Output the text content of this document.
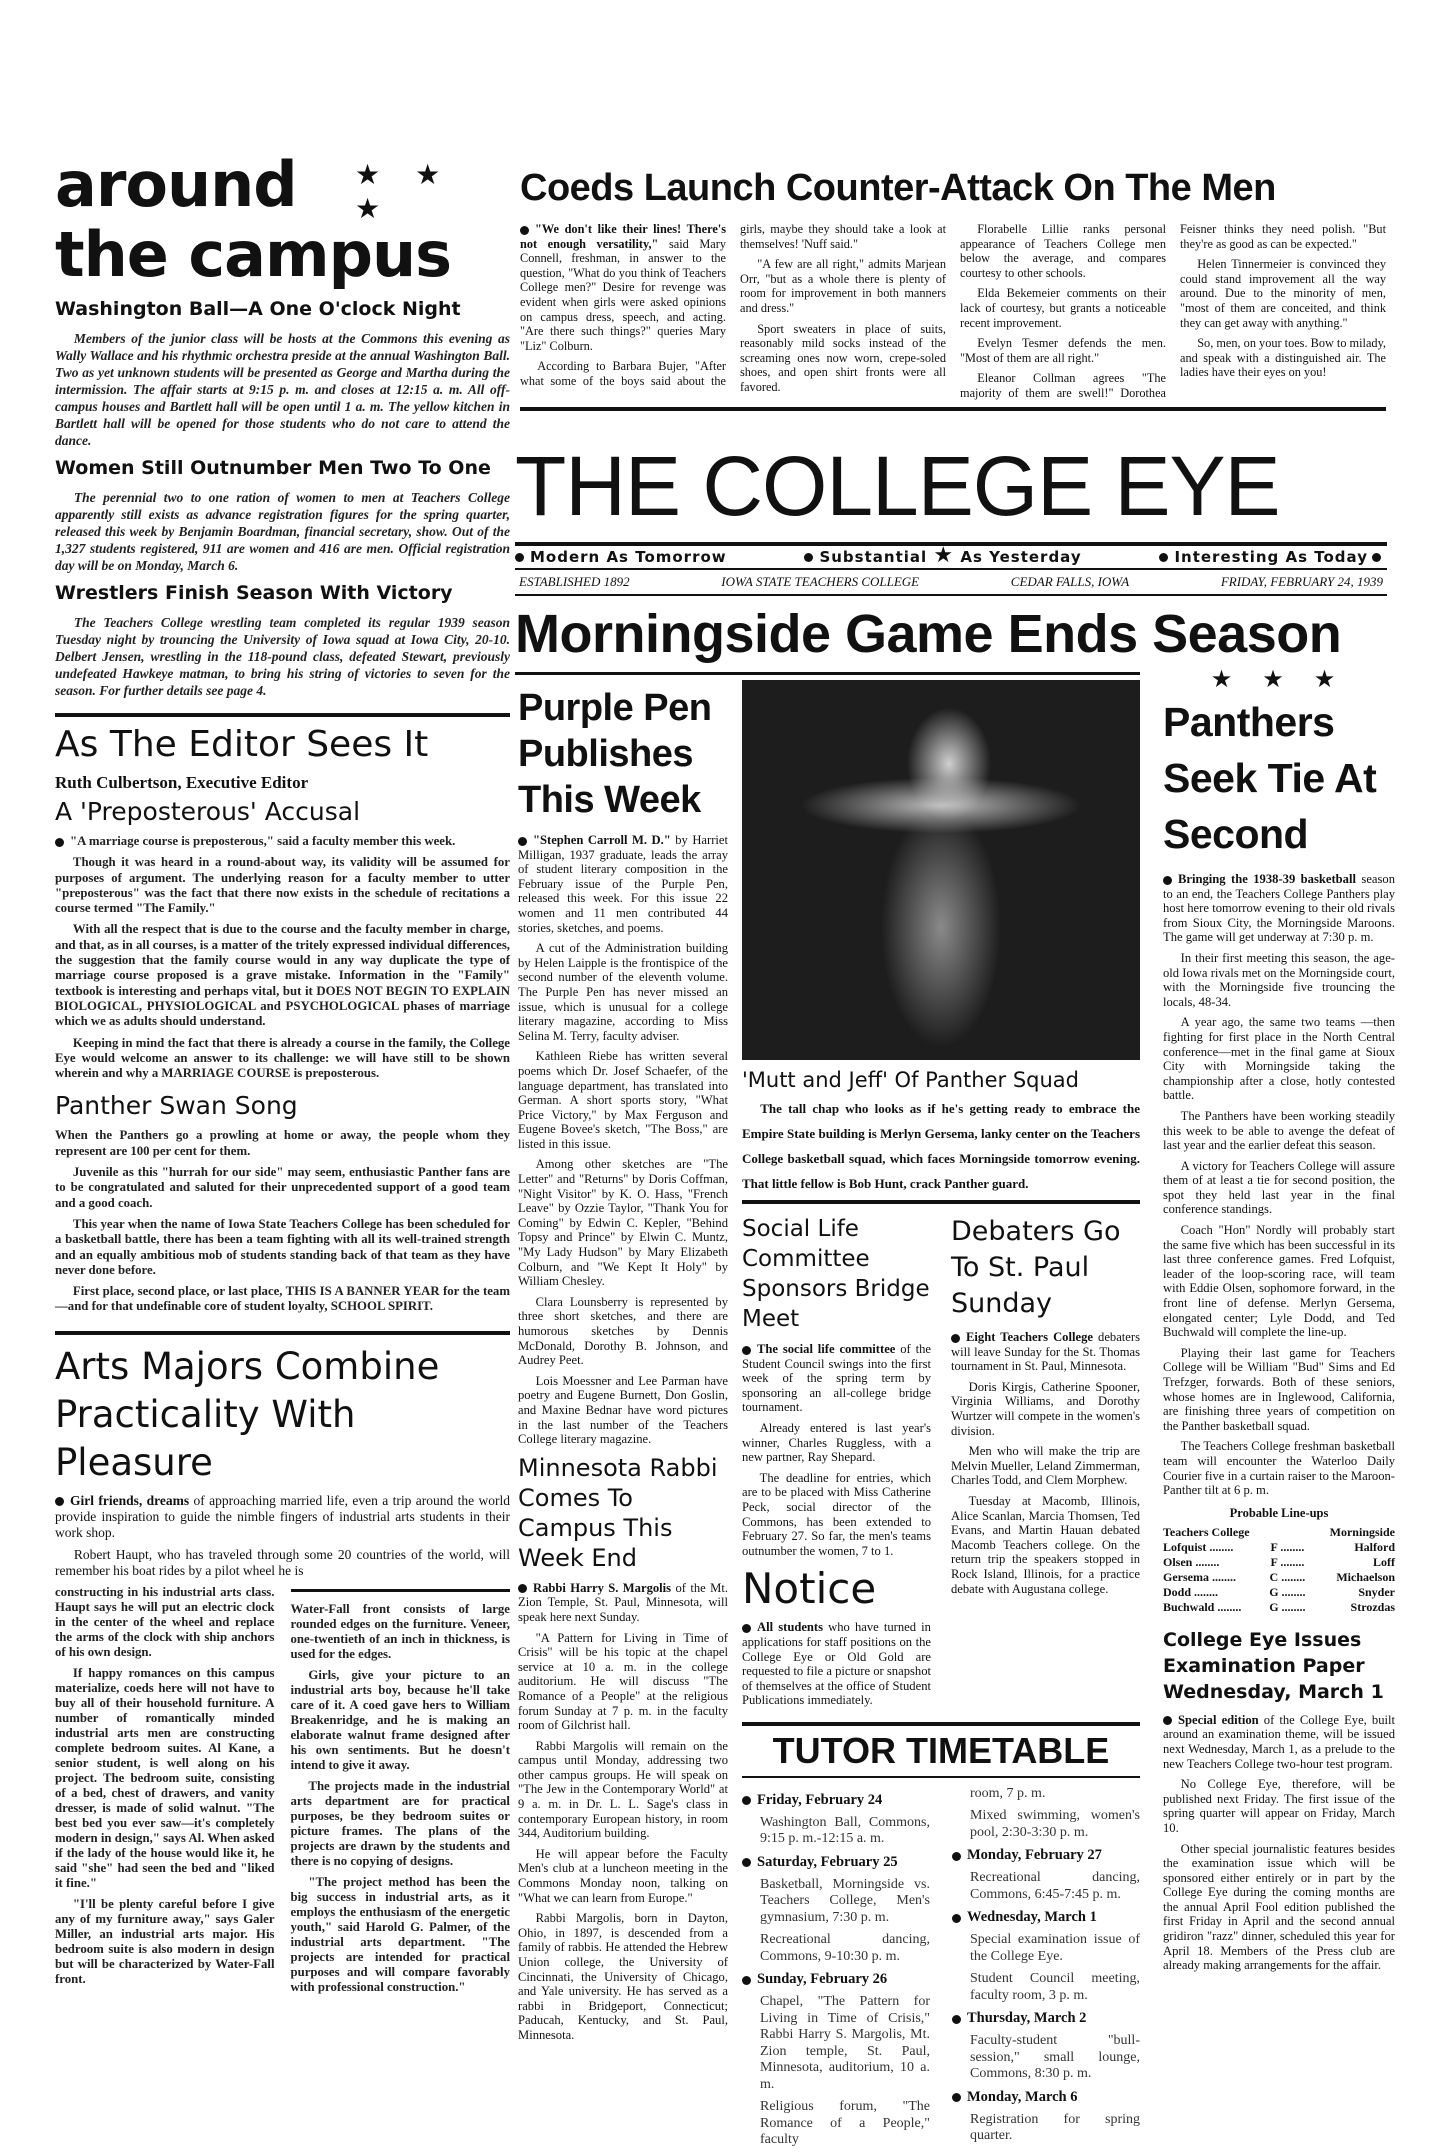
around
the campus
★ ★ ★
Washington Ball—A One O'clock Night

Members of the junior class will be hosts at the Commons this evening as Wally Wallace and his rhythmic orchestra preside at the annual Washington Ball. Two as yet unknown students will be presented as George and Martha during the intermission. The affair starts at 9:15 p. m. and closes at 12:15 a. m. All off-campus houses and Bartlett hall will be open until 1 a. m. The yellow kitchen in Bartlett hall will be opened for those students who do not care to attend the dance.

Women Still Outnumber Men Two To One

The perennial two to one ration of women to men at Teachers College apparently still exists as advance registration figures for the spring quarter, released this week by Benjamin Boardman, financial secretary, show. Out of the 1,327 students registered, 911 are women and 416 are men. Official registration day will be on Monday, March 6.

Wrestlers Finish Season With Victory

The Teachers College wrestling team completed its regular 1939 season Tuesday night by trouncing the University of Iowa squad at Iowa City, 20-10. Delbert Jensen, wrestling in the 118-pound class, defeated Stewart, previously undefeated Hawkeye matman, to bring his string of victories to seven for the season. For further details see page 4.

As The Editor Sees It
Ruth Culbertson, Executive Editor
A 'Preposterous' Accusal

"A marriage course is preposterous," said a faculty member this week.

Though it was heard in a round-about way, its validity will be assumed for purposes of argument. The underlying reason for a faculty member to utter "preposterous" was the fact that there now exists in the schedule of recitations a course termed "The Family."

With all the respect that is due to the course and the faculty member in charge, and that, as in all courses, is a matter of the tritely expressed individual differences, the suggestion that the family course would in any way duplicate the type of marriage course proposed is a grave mistake. Information in the "Family" textbook is interesting and perhaps vital, but it DOES NOT BEGIN TO EXPLAIN BIOLOGICAL, PHYSIOLOGICAL and PSYCHOLOGICAL phases of marriage which we as adults should understand.

Keeping in mind the fact that there is already a course in the family, the College Eye would welcome an answer to its challenge: we will have still to be shown wherein and why a MARRIAGE COURSE is preposterous.

Panther Swan Song

When the Panthers go a prowling at home or away, the people whom they represent are 100 per cent for them.

Juvenile as this "hurrah for our side" may seem, enthusiastic Panther fans are to be congratulated and saluted for their unprecedented support of a good team and a good coach.

This year when the name of Iowa State Teachers College has been scheduled for a basketball battle, there has been a team fighting with all its well-trained strength and an equally ambitious mob of students standing back of that team as they have never done before.

First place, second place, or last place, THIS IS A BANNER YEAR for the team—and for that undefinable core of student loyalty, SCHOOL SPIRIT.

Arts Majors Combine
Practicality With Pleasure

Girl friends, dreams of approaching married life, even a trip around the world provide inspiration to guide the nimble fingers of industrial arts students in their work shop.

Robert Haupt, who has traveled through some 20 countries of the world, will remember his boat rides by a pilot wheel he is

constructing in his industrial arts class. Haupt says he will put an electric clock in the center of the wheel and replace the arms of the clock with ship anchors of his own design.

If happy romances on this campus materialize, coeds here will not have to buy all of their household furniture. A number of romantically minded industrial arts men are constructing complete bedroom suites. Al Kane, a senior student, is well along on his project. The bedroom suite, consisting of a bed, chest of drawers, and vanity dresser, is made of solid walnut. "The best bed you ever saw—it's completely modern in design," says Al. When asked if the lady of the house would like it, he said "she" had seen the bed and "liked it fine."

"I'll be plenty careful before I give any of my furniture away," says Galer Miller, an industrial arts major. His bedroom suite is also modern in design but will be characterized by Water-Fall front.

Water-Fall front consists of large rounded edges on the furniture. Veneer, one-twentieth of an inch in thickness, is used for the edges.

Girls, give your picture to an industrial arts boy, because he'll take care of it. A coed gave hers to William Breakenridge, and he is making an elaborate walnut frame designed after his own sentiments. But he doesn't intend to give it away.

The projects made in the industrial arts department are for practical purposes, be they bedroom suites or picture frames. The plans of the projects are drawn by the students and there is no copying of designs.

"The project method has been the big success in industrial arts, as it employs the enthusiasm of the energetic youth," said Harold G. Palmer, of the industrial arts department. "The projects are intended for practical purposes and will compare favorably with professional construction."

Coeds Launch Counter-Attack On The Men

"We don't like their lines! There's not enough versatility," said Mary Connell, freshman, in answer to the question, "What do you think of Teachers College men?" Desire for revenge was evident when girls were asked opinions on campus dress, speech, and acting. "Are there such things?" queries Mary "Liz" Colburn.

According to Barbara Bujer, "After what some of the boys said about the girls, maybe they should take a look at themselves! 'Nuff said."

"A few are all right," admits Marjean Orr, "but as a whole there is plenty of room for improvement in both manners and dress."

Sport sweaters in place of suits, reasonably mild socks instead of the screaming ones now worn, crepe-soled shoes, and open shirt fronts were all favored.

Florabelle Lillie ranks personal appearance of Teachers College men below the average, and compares courtesy to other schools.

Elda Bekemeier comments on their lack of courtesy, but grants a noticeable recent improvement.

Evelyn Tesmer defends the men. "Most of them are all right."

Eleanor Collman agrees "The majority of them are swell!" Dorothea Feisner thinks they need polish. "But they're as good as can be expected."

Helen Tinnermeier is convinced they could stand improvement all the way around. Due to the minority of men, "most of them are conceited, and think they can get away with anything."

So, men, on your toes. Bow to milady, and speak with a distinguished air. The ladies have their eyes on you!

THE COLLEGE EYE
Modern As Tomorrow	Substantial ★ As Yesterday	Interesting As Today
ESTABLISHED 1892	IOWA STATE TEACHERS COLLEGE	CEDAR FALLS, IOWA	FRIDAY, FEBRUARY 24, 1939
Morningside Game Ends Season
Purple Pen Publishes This Week

"Stephen Carroll M. D." by Harriet Milligan, 1937 graduate, leads the array of student literary composition in the February issue of the Purple Pen, released this week. For this issue 22 women and 11 men contributed 44 stories, sketches, and poems.

A cut of the Administration building by Helen Laipple is the frontispice of the second number of the eleventh volume. The Purple Pen has never missed an issue, which is unusual for a college literary magazine, according to Miss Selina M. Terry, faculty adviser.

Kathleen Riebe has written several poems which Dr. Josef Schaefer, of the language department, has translated into German. A short sports story, "What Price Victory," by Max Ferguson and Eugene Bovee's sketch, "The Boss," are listed in this issue.

Among other sketches are "The Letter" and "Returns" by Doris Coffman, "Night Visitor" by K. O. Hass, "French Leave" by Ozzie Taylor, "Thank You for Coming" by Edwin C. Kepler, "Behind Topsy and Prince" by Elwin C. Muntz, "My Lady Hudson" by Mary Elizabeth Colburn, and "We Kept It Holy" by William Chesley.

Clara Lounsberry is represented by three short sketches, and there are humorous sketches by Dennis McDonald, Dorothy B. Johnson, and Audrey Peet.

Lois Moessner and Lee Parman have poetry and Eugene Burnett, Don Goslin, and Maxine Bednar have word pictures in the last number of the Teachers College literary magazine.

Minnesota Rabbi Comes To Campus This Week End

Rabbi Harry S. Margolis of the Mt. Zion Temple, St. Paul, Minnesota, will speak here next Sunday.

"A Pattern for Living in Time of Crisis" will be his topic at the chapel service at 10 a. m. in the college auditorium. He will discuss "The Romance of a People" at the religious forum Sunday at 7 p. m. in the faculty room of Gilchrist hall.

Rabbi Margolis will remain on the campus until Monday, addressing two other campus groups. He will speak on "The Jew in the Contemporary World" at 9 a. m. in Dr. L. L. Sage's class in contemporary European history, in room 344, Auditorium building.

He will appear before the Faculty Men's club at a luncheon meeting in the Commons Monday noon, talking on "What we can learn from Europe."

Rabbi Margolis, born in Dayton, Ohio, in 1897, is descended from a family of rabbis. He attended the Hebrew Union college, the University of Cincinnati, the University of Chicago, and Yale university. He has served as a rabbi in Bridgeport, Connecticut; Paducah, Kentucky, and St. Paul, Minnesota.

'Mutt and Jeff' Of Panther Squad
The tall chap who looks as if he's getting ready to embrace the Empire State building is Merlyn Gersema, lanky center on the Teachers College basketball squad, which faces Morningside tomorrow evening. That little fellow is Bob Hunt, crack Panther guard.
Social Life Committee Sponsors Bridge Meet

The social life committee of the Student Council swings into the first week of the spring term by sponsoring an all-college bridge tournament.

Already entered is last year's winner, Charles Ruggless, with a new partner, Ray Shepard.

The deadline for entries, which are to be placed with Miss Catherine Peck, social director of the Commons, has been extended to February 27. So far, the men's teams outnumber the women, 7 to 1.

Notice

All students who have turned in applications for staff positions on the College Eye or Old Gold are requested to file a picture or snapshot of themselves at the office of Student Publications immediately.

Debaters Go To St. Paul Sunday

Eight Teachers College debaters will leave Sunday for the St. Thomas tournament in St. Paul, Minnesota.

Doris Kirgis, Catherine Spooner, Virginia Williams, and Dorothy Wurtzer will compete in the women's division.

Men who will make the trip are Melvin Mueller, Leland Zimmerman, Charles Todd, and Clem Morphew.

Tuesday at Macomb, Illinois, Alice Scanlan, Marcia Thomsen, Ted Evans, and Martin Hauan debated Macomb Teachers college. On the return trip the speakers stopped in Rock Island, Illinois, for a practice debate with Augustana college.

TUTOR TIMETABLE
Friday, February 24
Washington Ball, Commons, 9:15 p. m.-12:15 a. m.
Saturday, February 25
Basketball, Morningside vs. Teachers College, Men's gymnasium, 7:30 p. m.
Recreational dancing, Commons, 9-10:30 p. m.
Sunday, February 26
Chapel, "The Pattern for Living in Time of Crisis," Rabbi Harry S. Margolis, Mt. Zion temple, St. Paul, Minnesota, auditorium, 10 a. m.
Religious forum, "The Romance of a People," faculty
room, 7 p. m.
Mixed swimming, women's pool, 2:30-3:30 p. m.
Monday, February 27
Recreational dancing, Commons, 6:45-7:45 p. m.
Wednesday, March 1
Special examination issue of the College Eye.
Student Council meeting, faculty room, 3 p. m.
Thursday, March 2
Faculty-student "bull-session," small lounge, Commons, 8:30 p. m.
Monday, March 6
Registration for spring quarter.
★ ★ ★
Panthers Seek Tie At Second

Bringing the 1938-39 basketball season to an end, the Teachers College Panthers play host here tomorrow evening to their old rivals from Sioux City, the Morningside Maroons. The game will get underway at 7:30 p. m.

In their first meeting this season, the age-old Iowa rivals met on the Morningside court, with the Morningside five trouncing the locals, 48-34.

A year ago, the same two teams —then fighting for first place in the North Central conference—met in the final game at Sioux City with Morningside taking the championship after a close, hotly contested battle.

The Panthers have been working steadily this week to be able to avenge the defeat of last year and the earlier defeat this season.

A victory for Teachers College will assure them of at least a tie for second position, the spot they held last year in the final conference standings.

Coach "Hon" Nordly will probably start the same five which has been successful in its last three conference games. Fred Lofquist, leader of the loop-scoring race, will team with Eddie Olsen, sophomore forward, in the front line of defense. Merlyn Gersema, elongated center; Lyle Dodd, and Ted Buchwald will complete the line-up.

Playing their last game for Teachers College will be William "Bud" Sims and Ed Trefzger, forwards. Both of these seniors, whose homes are in Inglewood, California, are finishing three years of competition on the Panther basketball squad.

The Teachers College freshman basketball team will encounter the Waterloo Daily Courier five in a curtain raiser to the Maroon-Panther tilt at 6 p. m.

Probable Line-ups
Teachers College		Morningside
Lofquist ........	F ........	Halford
Olsen ........	F ........	Loff
Gersema ........	C ........	Michaelson
Dodd ........	G ........	Snyder
Buchwald ........	G ........	Strozdas
College Eye Issues Examination Paper Wednesday, March 1

Special edition of the College Eye, built around an examination theme, will be issued next Wednesday, March 1, as a prelude to the new Teachers College two-hour test program.

No College Eye, therefore, will be published next Friday. The first issue of the spring quarter will appear on Friday, March 10.

Other special journalistic features besides the examination issue which will be sponsored either entirely or in part by the College Eye during the coming months are the annual April Fool edition published the first Friday in April and the second annual gridiron "razz" dinner, scheduled this year for April 18. Members of the Press club are already making arrangements for the affair.
